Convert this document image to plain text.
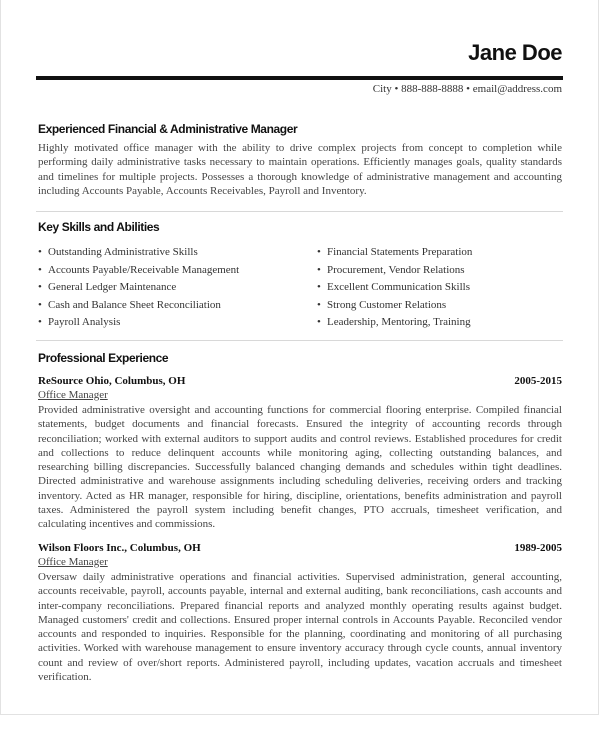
Jane Doe
City • 888-888-8888 • email@address.com
Experienced Financial & Administrative Manager
Highly motivated office manager with the ability to drive complex projects from concept to completion while performing daily administrative tasks necessary to maintain operations. Efficiently manages goals, quality standards and timelines for multiple projects. Possesses a thorough knowledge of administrative management and accounting including Accounts Payable, Accounts Receivables, Payroll and Inventory.
Key Skills and Abilities
• Outstanding Administrative Skills
• Accounts Payable/Receivable Management
• General Ledger Maintenance
• Cash and Balance Sheet Reconciliation
• Payroll Analysis
• Financial Statements Preparation
• Procurement, Vendor Relations
• Excellent Communication Skills
• Strong Customer Relations
• Leadership, Mentoring, Training
Professional Experience
ReSource Ohio, Columbus, OH	2005-2015
Office Manager
Provided administrative oversight and accounting functions for commercial flooring enterprise. Compiled financial statements, budget documents and financial forecasts. Ensured the integrity of accounting records through reconciliation; worked with external auditors to support audits and control reviews. Established procedures for credit and collections to reduce delinquent accounts while monitoring aging, collecting outstanding balances, and researching billing discrepancies. Successfully balanced changing demands and schedules within tight deadlines. Directed administrative and warehouse assignments including scheduling deliveries, receiving orders and tracking inventory. Acted as HR manager, responsible for hiring, discipline, orientations, benefits administration and payroll taxes. Administered the payroll system including benefit changes, PTO accruals, timesheet verification, and calculating incentives and commissions.
Wilson Floors Inc., Columbus, OH	1989-2005
Office Manager
Oversaw daily administrative operations and financial activities. Supervised administration, general accounting, accounts receivable, payroll, accounts payable, internal and external auditing, bank reconciliations, cash accounts and inter-company reconciliations. Prepared financial reports and analyzed monthly operating results against budget. Managed customers' credit and collections. Ensured proper internal controls in Accounts Payable. Reconciled vendor accounts and responded to inquiries. Responsible for the planning, coordinating and monitoring of all purchasing activities. Worked with warehouse management to ensure inventory accuracy through cycle counts, annual inventory count and review of over/short reports. Administered payroll, including updates, vacation accruals and timesheet verification.
